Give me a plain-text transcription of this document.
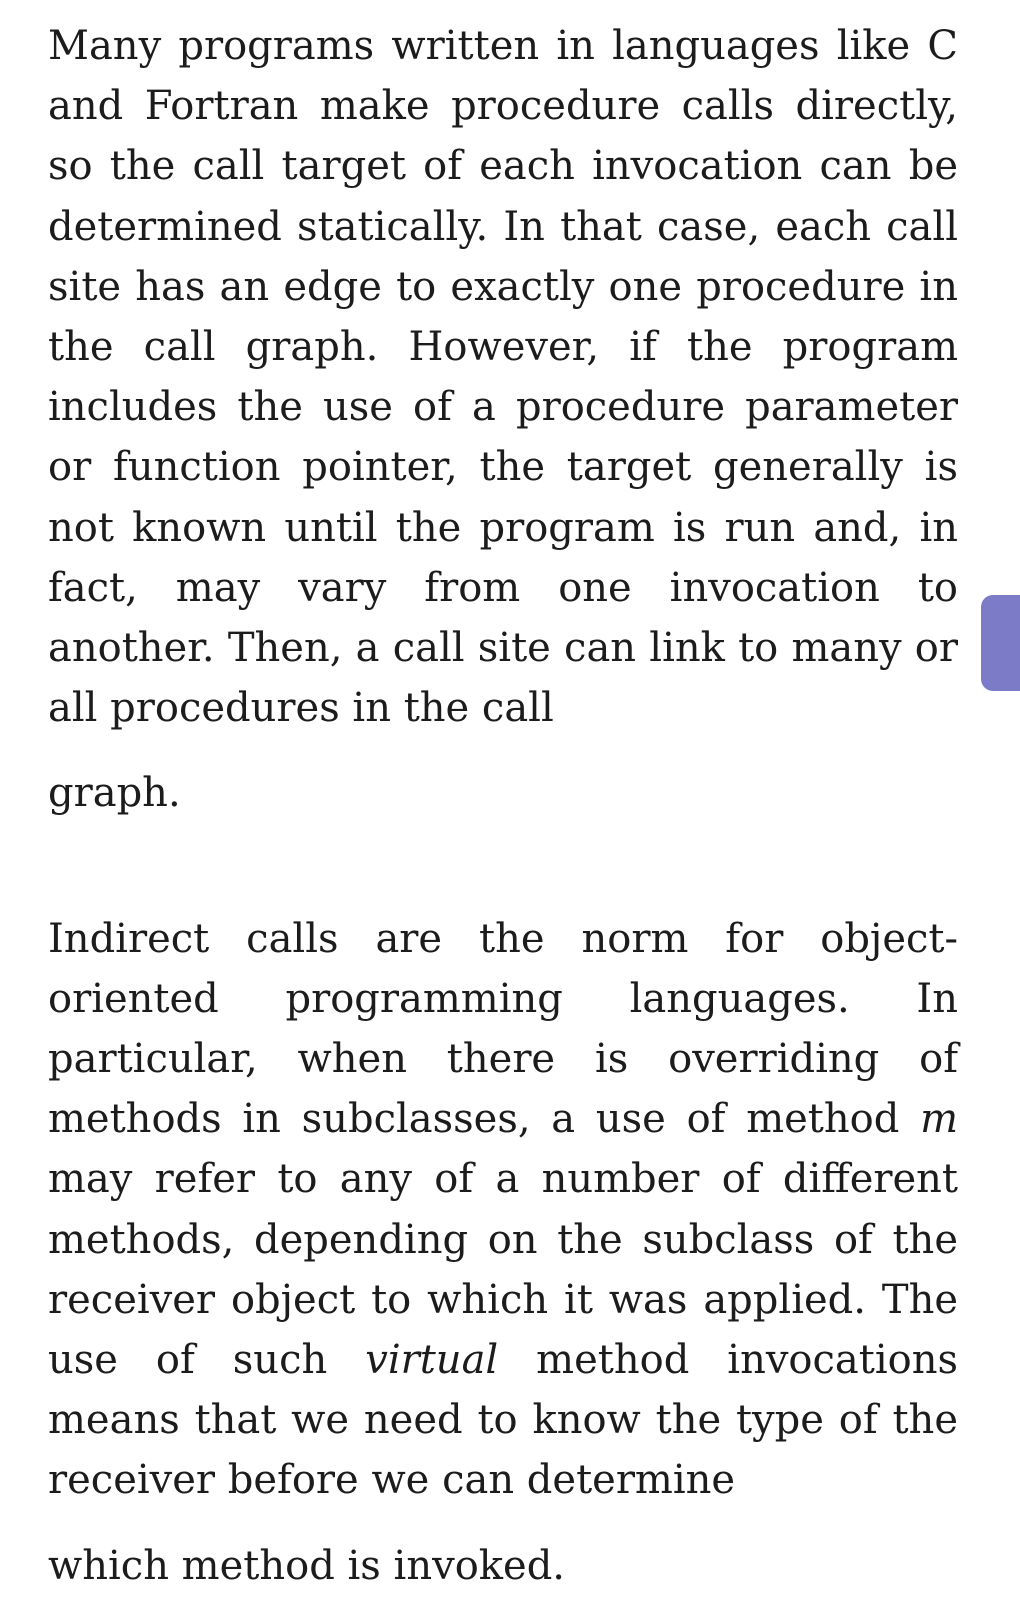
Many programs written in languages like C and Fortran make procedure calls directly, so the call target of each invocation can be determined statically. In that case, each call site has an edge to exactly one procedure in the call graph. However, if the program includes the use of a procedure parameter or function pointer, the target generally is not known until the program is run and, in fact, may vary from one invocation to another. Then, a call site can link to many or all procedures in the call
graph.

Indirect calls are the norm for object-oriented programming languages. In particular, when there is overriding of methods in subclasses, a use of method m may refer to any of a number of different methods, depending on the subclass of the receiver object to which it was applied. The use of such virtual method invocations means that we need to know the type of the receiver before we can determine
which method is invoked.
